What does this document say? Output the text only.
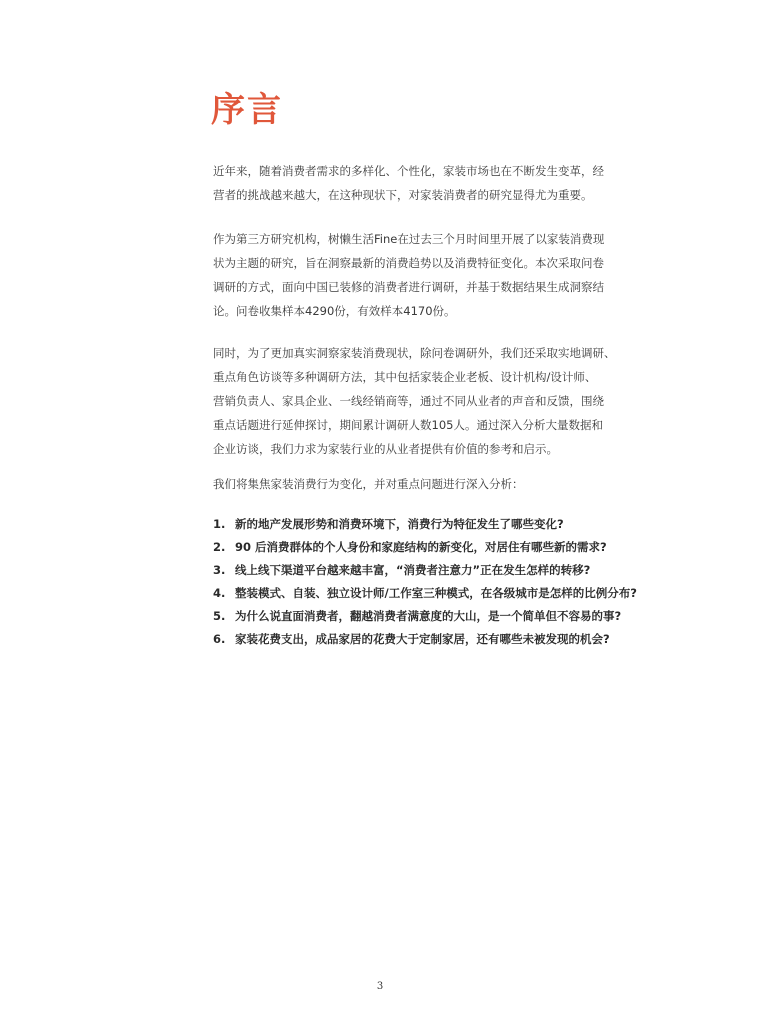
序言

近年来，随着消费者需求的多样化、个性化，家装市场也在不断发生变革，经

营者的挑战越来越大，在这种现状下，对家装消费者的研究显得尤为重要。

作为第三方研究机构，树懒生活Fine在过去三个月时间里开展了以家装消费现

状为主题的研究，旨在洞察最新的消费趋势以及消费特征变化。本次采取问卷

调研的方式，面向中国已装修的消费者进行调研，并基于数据结果生成洞察结

论。问卷收集样本4290份，有效样本4170份。

同时，为了更加真实洞察家装消费现状，除问卷调研外，我们还采取实地调研、

重点角色访谈等多种调研方法，其中包括家装企业老板、设计机构/设计师、

营销负责人、家具企业、一线经销商等，通过不同从业者的声音和反馈，围绕

重点话题进行延伸探讨，期间累计调研人数105人。通过深入分析大量数据和

企业访谈，我们力求为家装行业的从业者提供有价值的参考和启示。

我们将集焦家装消费行为变化，并对重点问题进行深入分析：

1. 新的地产发展形势和消费环境下，消费行为特征发生了哪些变化?
2. 90 后消费群体的个人身份和家庭结构的新变化，对居住有哪些新的需求?
3. 线上线下渠道平台越来越丰富，“消费者注意力”正在发生怎样的转移?
4. 整装模式、自装、独立设计师/工作室三种模式，在各级城市是怎样的比例分布?
5. 为什么说直面消费者，翻越消费者满意度的大山，是一个简单但不容易的事?
6. 家装花费支出，成品家居的花费大于定制家居，还有哪些未被发现的机会?
3
